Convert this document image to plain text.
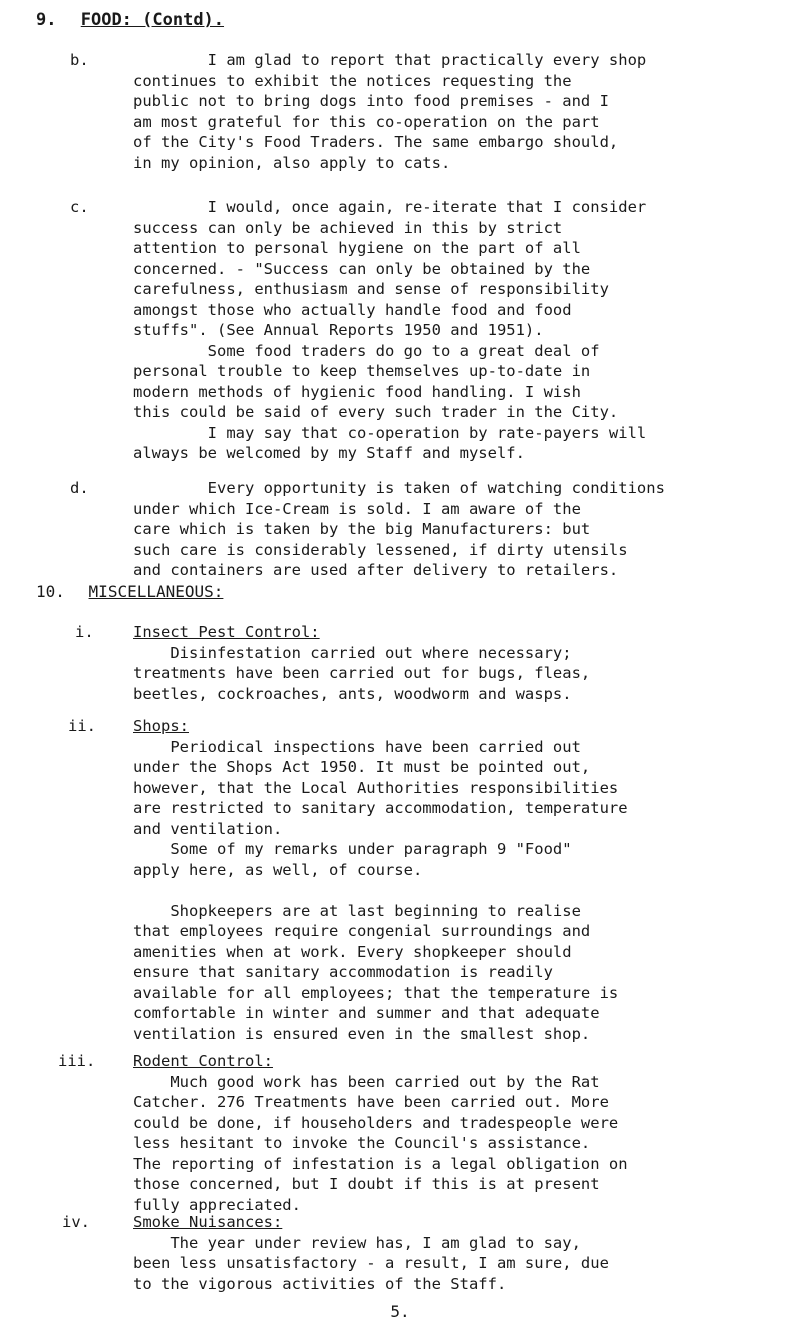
9. FOOD: (Contd).
b.	I am glad to report that practically every shop

continues to exhibit the notices requesting the

public not to bring dogs into food premises - and I

am most grateful for this co-operation on the part

of the City's Food Traders. The same embargo should,

in my opinion, also apply to cats.

c.	I would, once again, re-iterate that I consider

success can only be achieved in this by strict

attention to personal hygiene on the part of all

concerned. - "Success can only be obtained by the

carefulness, enthusiasm and sense of responsibility

amongst those who actually handle food and food

stuffs". (See Annual Reports 1950 and 1951).

Some food traders do go to a great deal of

personal trouble to keep themselves up-to-date in

modern methods of hygienic food handling. I wish

this could be said of every such trader in the City.

I may say that co-operation by rate-payers will

always be welcomed by my Staff and myself.

d.	Every opportunity is taken of watching conditions

under which Ice-Cream is sold. I am aware of the

care which is taken by the big Manufacturers: but

such care is considerably lessened, if dirty utensils

and containers are used after delivery to retailers.

10. MISCELLANEOUS:
i.	Insect Pest Control:

Disinfestation carried out where necessary;

treatments have been carried out for bugs, fleas,

beetles, cockroaches, ants, woodworm and wasps.

ii. Shops:

Periodical inspections have been carried out

under the Shops Act 1950. It must be pointed out,

however, that the Local Authorities responsibilities

are restricted to sanitary accommodation, temperature

and ventilation.

Some of my remarks under paragraph 9 "Food"

apply here, as well, of course.

Shopkeepers are at last beginning to realise

that employees require congenial surroundings and

amenities when at work. Every shopkeeper should

ensure that sanitary accommodation is readily

available for all employees; that the temperature is

comfortable in winter and summer and that adequate

ventilation is ensured even in the smallest shop.

iii. Rodent Control:

Much good work has been carried out by the Rat

Catcher. 276 Treatments have been carried out. More

could be done, if householders and tradespeople were

less hesitant to invoke the Council's assistance.

The reporting of infestation is a legal obligation on

those concerned, but I doubt if this is at present

fully appreciated.

iv.	Smoke Nuisances:

The year under review has, I am glad to say,

been less unsatisfactory - a result, I am sure, due

to the vigorous activities of the Staff.

5.
